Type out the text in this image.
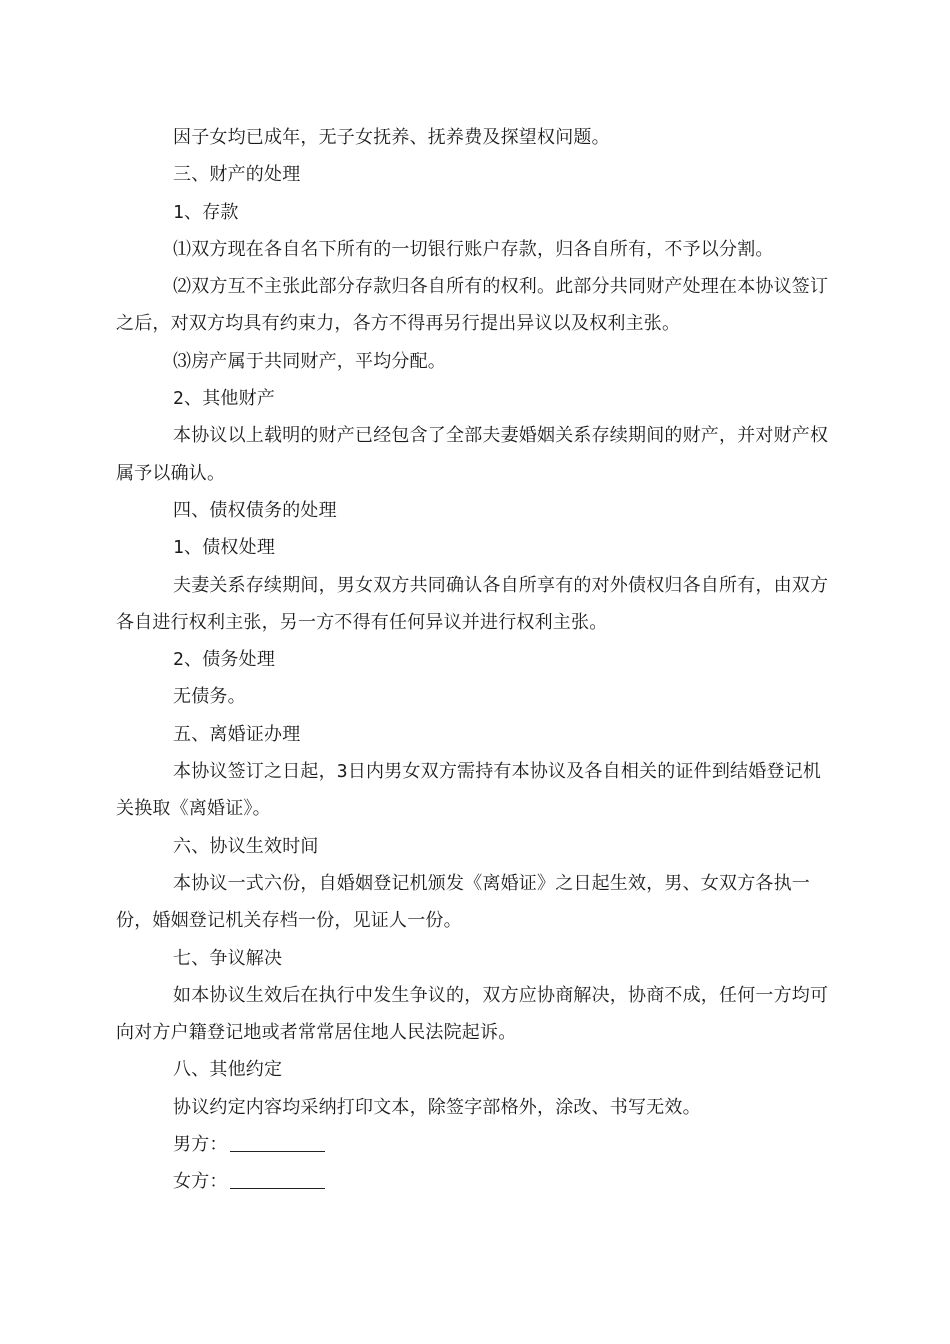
因子女均已成年，无子女抚养、抚养费及探望权问题。

三、财产的处理

1、存款

⑴双方现在各自名下所有的一切银行账户存款，归各自所有，不予以分割。

⑵双方互不主张此部分存款归各自所有的权利。此部分共同财产处理在本协议签订之后，对双方均具有约束力，各方不得再另行提出异议以及权利主张。

⑶房产属于共同财产，平均分配。

2、其他财产

本协议以上载明的财产已经包含了全部夫妻婚姻关系存续期间的财产，并对财产权属予以确认。

四、债权债务的处理

1、债权处理

夫妻关系存续期间，男女双方共同确认各自所享有的对外债权归各自所有，由双方各自进行权利主张，另一方不得有任何异议并进行权利主张。

2、债务处理

无债务。

五、离婚证办理

本协议签订之日起，3日内男女双方需持有本协议及各自相关的证件到结婚登记机关换取《离婚证》。

六、协议生效时间

本协议一式六份，自婚姻登记机颁发《离婚证》之日起生效，男、女双方各执一份，婚姻登记机关存档一份，见证人一份。

七、争议解决

如本协议生效后在执行中发生争议的，双方应协商解决，协商不成，任何一方均可向对方户籍登记地或者常常居住地人民法院起诉。

八、其他约定

协议约定内容均采纳打印文本，除签字部格外，涂改、书写无效。

男方：

女方：
